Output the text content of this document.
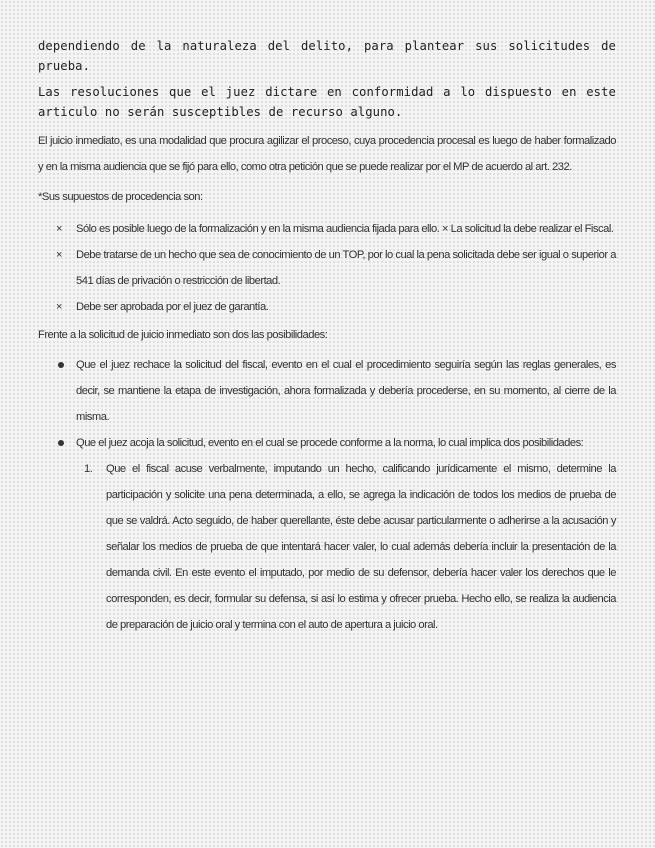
dependiendo de la naturaleza del delito, para plantear sus solicitudes de prueba.

Las resoluciones que el juez dictare en conformidad a lo dispuesto en este articulo no serán susceptibles de recurso alguno.

El juicio inmediato, es una modalidad que procura agilizar el proceso, cuya procedencia procesal es luego de haber formalizado y en la misma audiencia que se fijó para ello, como otra petición que se puede realizar por el MP de acuerdo al art. 232.

*Sus supuestos de procedencia son:

× Sólo es posible luego de la formalización y en la misma audiencia fijada para ello. × La solicitud la debe realizar el Fiscal.
× Debe tratarse de un hecho que sea de conocimiento de un TOP, por lo cual la pena solicitada debe ser igual o superior a 541 días de privación o restricción de libertad.
× Debe ser aprobada por el juez de garantía.

Frente a la solicitud de juicio inmediato son dos las posibilidades:

Que el juez rechace la solicitud del fiscal, evento en el cual el procedimiento seguiría según las reglas generales, es decir, se mantiene la etapa de investigación, ahora formalizada y debería procederse, en su momento, al cierre de la misma.
Que el juez acoja la solicitud, evento en el cual se procede conforme a la norma, lo cual implica dos posibilidades:
1. Que el fiscal acuse verbalmente, imputando un hecho, calificando jurídicamente el mismo, determine la participación y solicite una pena determinada, a ello, se agrega la indicación de todos los medios de prueba de que se valdrá. Acto seguido, de haber querellante, éste debe acusar particularmente o adherirse a la acusación y señalar los medios de prueba de que intentará hacer valer, lo cual además debería incluir la presentación de la demanda civil. En este evento el imputado, por medio de su defensor, debería hacer valer los derechos que le corresponden, es decir, formular su defensa, si así lo estima y ofrecer prueba. Hecho ello, se realiza la audiencia de preparación de juicio oral y termina con el auto de apertura a juicio oral.
